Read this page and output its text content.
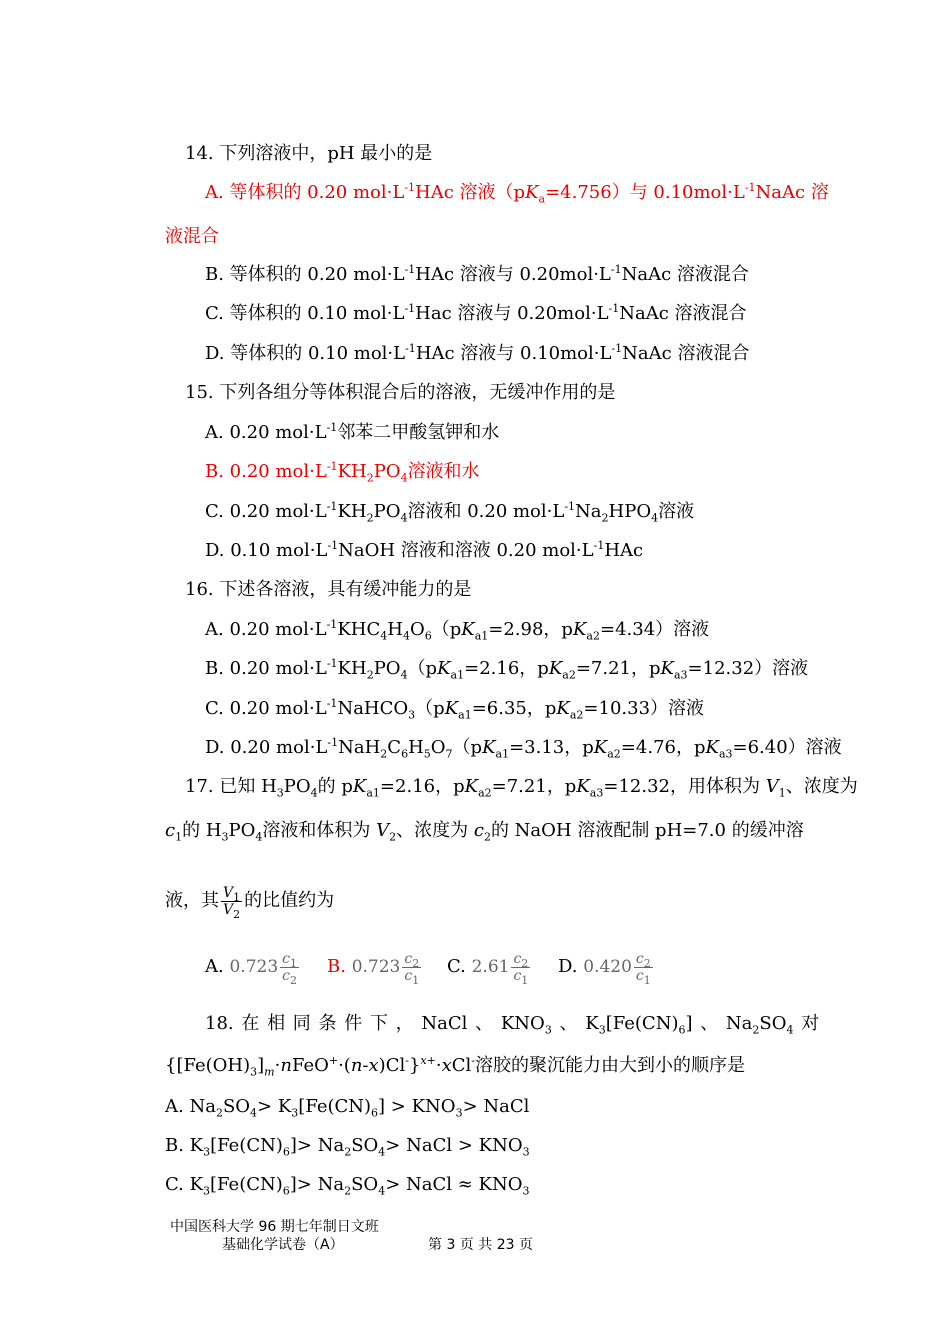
14. 下列溶液中，pH 最小的是
A. 等体积的 0.20 $mol\cdot L^{-1}HAc$ 溶液$(pK_a=4.756)$与 $0.10mol\cdot L^{-1}NaAc$ 溶
液混合
B. 等体积的 0.20 $mol\cdot L^{-1}HAc$ 溶液与 $0.20mol\cdot L^{-1}NaAc$ 溶液混合
C. 等体积的 0.10 $mol\cdot L^{-1}Hac$ 溶液与 $0.20mol\cdot L^{-1}NaAc$ 溶液混合
D. 等体积的 0.10 $mol\cdot L^{-1}HAc$ 溶液与 $0.10mol\cdot L^{-1}NaAc$ 溶液混合
15. 下列各组分等体积混合后的溶液，无缓冲作用的是
A. 0.20 $mol\cdot L^{-1}$邻苯二甲酸氢钾和水
B. 0.20 $mol\cdot L^{-1}KH_2PO_4$溶液和水
C. 0.20 $mol\cdot L^{-1}KH_2PO_4$溶液和 0.20 $mol\cdot L^{-1}Na_2HPO_4$溶液
D. 0.10 $mol\cdot L^{-1}NaOH$ 溶液和溶液 0.20 $mol\cdot L^{-1}HAc$
16. 下述各溶液，具有缓冲能力的是
A. 0.20 $mol\cdot L^{-1}KHC_4H_4O_6(pK_{a1}=2.98$，$pK_{a2}=4.34$）溶液
B. 0.20 $mol\cdot L^{-1}KH_2PO_4(pK_{a1}=2.16$，$pK_{a2}=7.21$，$pK_{a3}=12.32$）溶液
C. 0.20 $mol\cdot L^{-1}NaHCO_3(pK_{a1}=6.35$，$pK_{a2}=10.33$）溶液
D. 0.20 $mol\cdot L^{-1}NaH_2C_6H_5O_7(pK_{a1}=3.13$，$pK_{a2}=4.76$，$pK_{a3}=6.40$）溶液
17. 已知 $H_3PO_4$的 $pK_{a1}=2.16$，$pK_{a2}=7.21$，$pK_{a3}=12.32$，用体积为 $V_1$、浓度为
$c_1$的 $H_3PO_4$溶液和体积为 $V_2$、浓度为 $c_2$的 NaOH 溶液配制 pH=7.0 的缓冲溶
液，其 $\frac{V_1}{V_2}$ 的比值约为
A. $0.723 \frac{c_1}{c_2} B$. $0.723 \frac{c_2}{c_1} C$. $2.61 \frac{c_2}{c_1} D$. $0.420 \frac{c_2}{c_1}$
18. 在 相 同 条 件 下 ， NaCl 、 $KNO_3$ 、 $K_3[Fe(CN)_6]$ 、 $Na_2SO_4$ 对
$\{[Fe(OH)_3]_m\cdot nFeO^+\cdot(n-x)Cl^-\}^{x+}\cdot xCl^-$溶胶的聚沉能力由大到小的顺序是
A. $Na_2SO_4> K_3[Fe(CN)_6] > KNO_3>$ NaCl
B. $K_3[Fe(CN)_6]> Na_2SO_4>$ NaCl > $KNO_3$
C. $K_3[Fe(CN)_6]> Na_2SO_4>$ NaCl ≈ $KNO_3$
中国医科大学 96 期七年制日文班
基础化学试卷（A）	第 3 页 共 23 页
